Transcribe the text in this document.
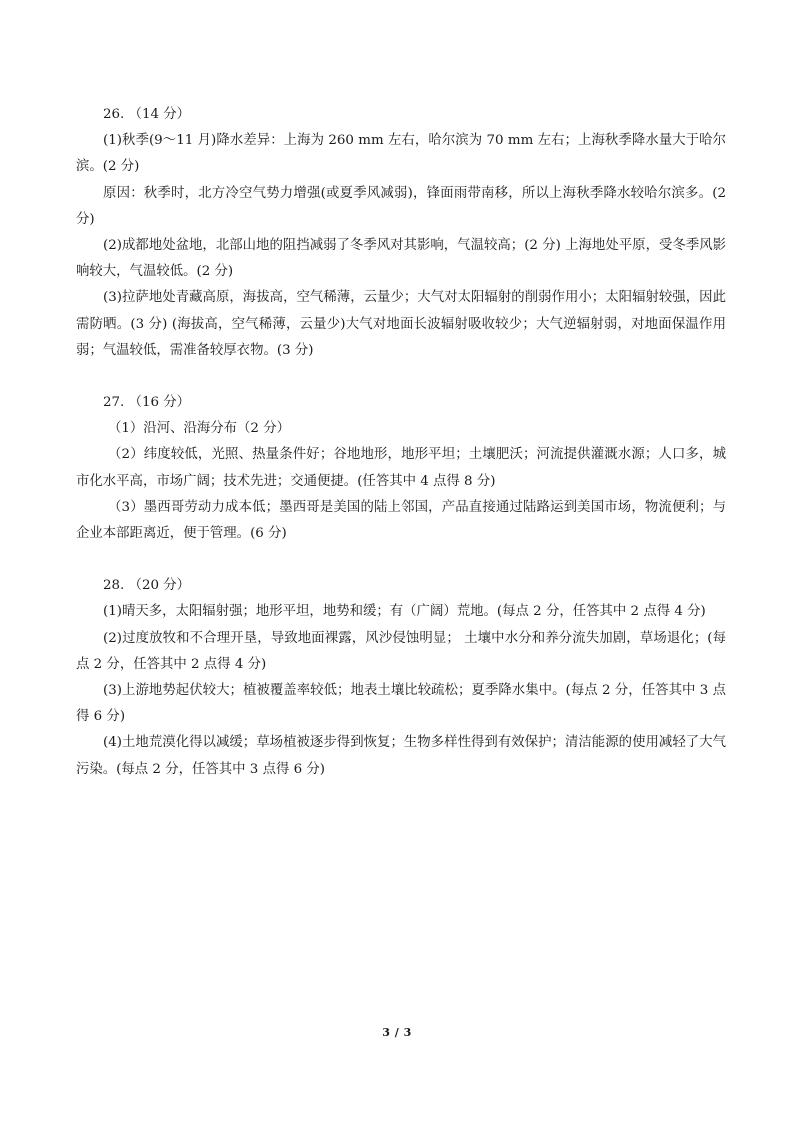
26. （14 分）

(1)秋季(9～11 月)降水差异：上海为 260 mm 左右，哈尔滨为 70 mm 左右；上海秋季降水量大于哈尔滨。(2 分)

原因：秋季时，北方冷空气势力增强(或夏季风减弱)，锋面雨带南移，所以上海秋季降水较哈尔滨多。(2 分)

(2)成都地处盆地，北部山地的阻挡减弱了冬季风对其影响，气温较高；(2 分) 上海地处平原，受冬季风影响较大，气温较低。(2 分)

(3)拉萨地处青藏高原，海拔高，空气稀薄，云量少；大气对太阳辐射的削弱作用小；太阳辐射较强，因此需防晒。(3 分) (海拔高，空气稀薄，云量少)大气对地面长波辐射吸收较少；大气逆辐射弱，对地面保温作用弱；气温较低，需准备较厚衣物。(3 分)

27. （16 分）

（1）沿河、沿海分布（2 分）

（2）纬度较低，光照、热量条件好；谷地地形，地形平坦；土壤肥沃；河流提供灌溉水源；人口多，城市化水平高，市场广阔；技术先进；交通便捷。(任答其中 4 点得 8 分)

（3）墨西哥劳动力成本低；墨西哥是美国的陆上邻国，产品直接通过陆路运到美国市场，物流便利；与企业本部距离近，便于管理。(6 分)

28. （20 分）

(1)晴天多，太阳辐射强；地形平坦，地势和缓；有（广阔）荒地。(每点 2 分，任答其中 2 点得 4 分)

(2)过度放牧和不合理开垦，导致地面裸露，风沙侵蚀明显； 土壤中水分和养分流失加剧，草场退化；(每点 2 分，任答其中 2 点得 4 分)

(3)上游地势起伏较大；植被覆盖率较低；地表土壤比较疏松；夏季降水集中。(每点 2 分，任答其中 3 点得 6 分)

(4)土地荒漠化得以减缓；草场植被逐步得到恢复；生物多样性得到有效保护；清洁能源的使用减轻了大气污染。(每点 2 分，任答其中 3 点得 6 分)

3 / 3
